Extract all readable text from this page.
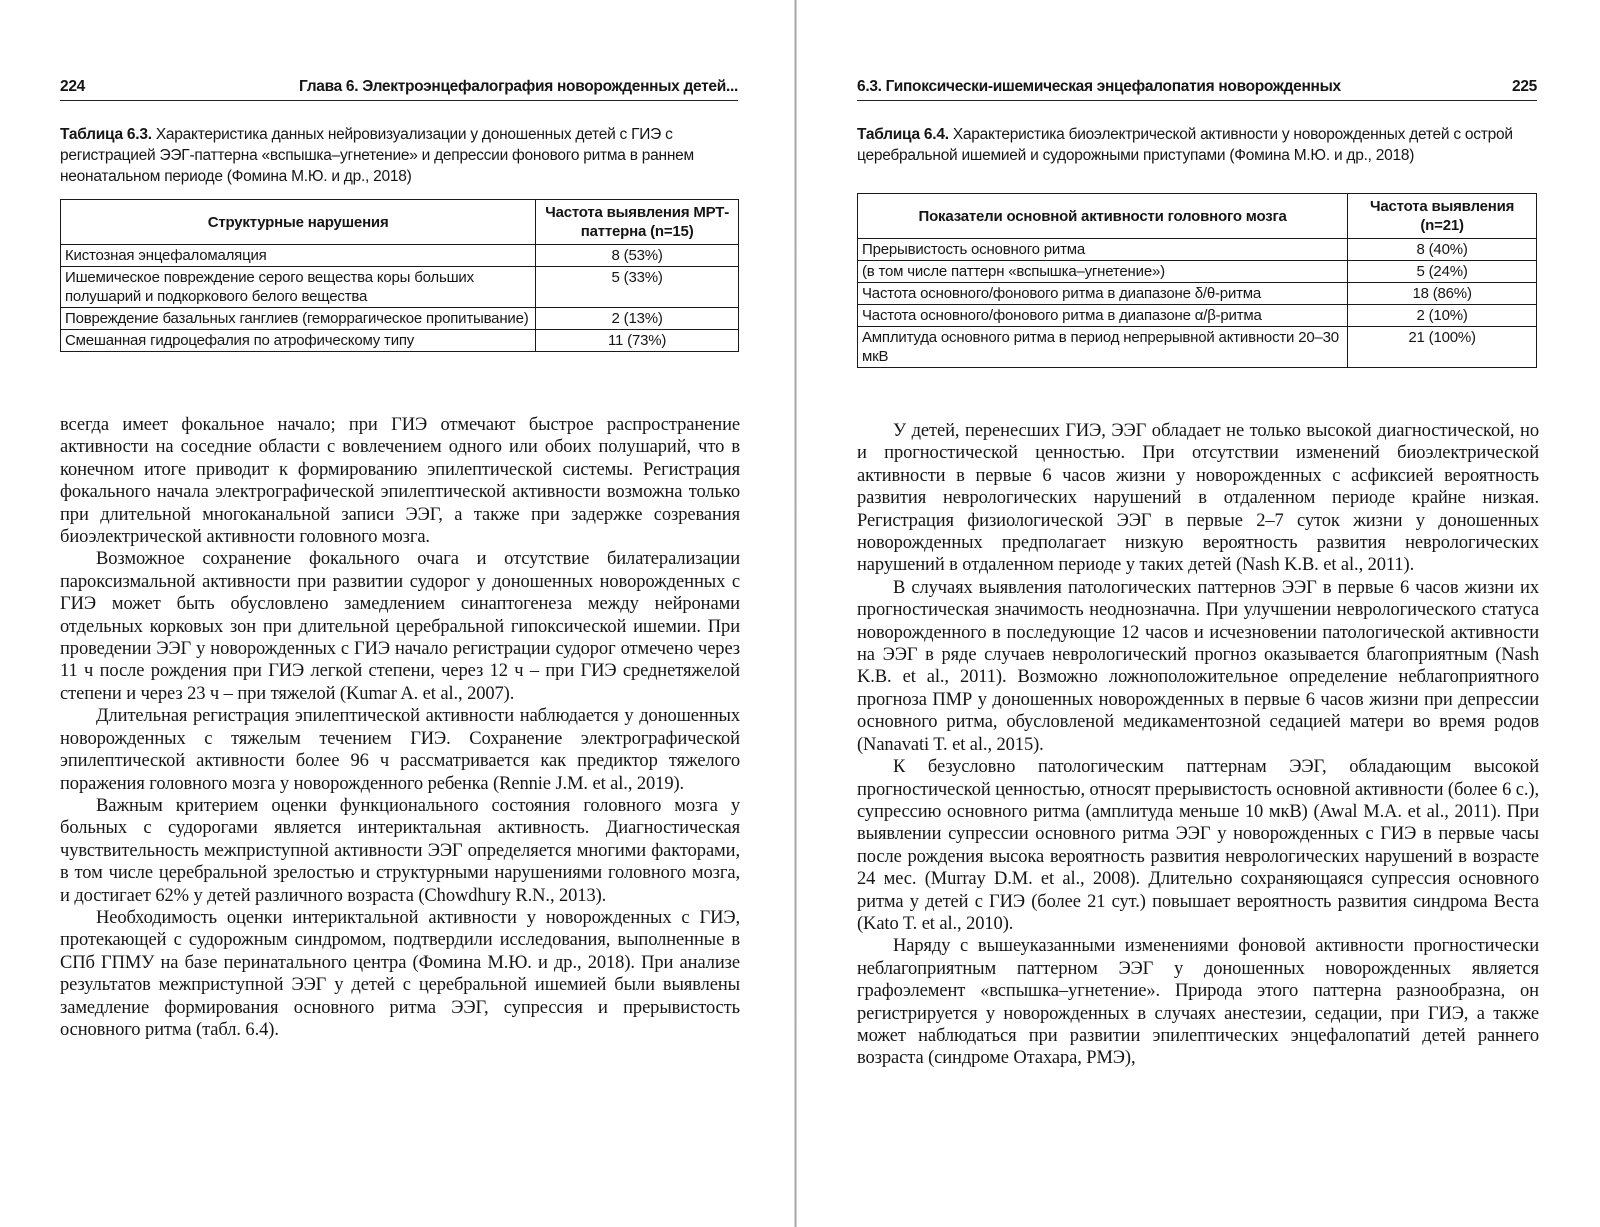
224	Глава 6. Электроэнцефалография новорожденных детей...
Таблица 6.3. Характеристика данных нейровизуализации у доношенных детей с ГИЭ с регистрацией ЭЭГ-паттерна «вспышка–угнетение» и депрессии фонового ритма в раннем неонатальном периоде (Фомина М.Ю. и др., 2018)
Структурные нарушения	Частота выявления МРТ-паттерна (n=15)
Кистозная энцефаломаляция	8 (53%)
Ишемическое повреждение серого вещества коры больших полушарий и подкоркового белого вещества	5 (33%)
Повреждение базальных ганглиев (геморрагическое пропитывание)	2 (13%)
Смешанная гидроцефалия по атрофическому типу	11 (73%)

всегда имеет фокальное начало; при ГИЭ отмечают быстрое распространение активности на соседние области с вовлечением одного или обоих полушарий, что в конечном итоге приводит к формированию эпилептической системы. Регистрация фокального начала электрографической эпилептической активности возможна только при длительной многоканальной записи ЭЭГ, а также при задержке созревания биоэлектрической активности головного мозга.

Возможное сохранение фокального очага и отсутствие билатерализации пароксизмальной активности при развитии судорог у доношенных новорожденных с ГИЭ может быть обусловлено замедлением синаптогенеза между нейронами отдельных корковых зон при длительной церебральной гипоксической ишемии. При проведении ЭЭГ у новорожденных с ГИЭ начало регистрации судорог отмечено через 11 ч после рождения при ГИЭ легкой степени, через 12 ч – при ГИЭ среднетяжелой степени и через 23 ч – при тяжелой (Kumar A. et al., 2007).

Длительная регистрация эпилептической активности наблюдается у доношенных новорожденных с тяжелым течением ГИЭ. Сохранение электрографической эпилептической активности более 96 ч рассматривается как предиктор тяжелого поражения головного мозга у новорожденного ребенка (Rennie J.M. et al., 2019).

Важным критерием оценки функционального состояния головного мозга у больных с судорогами является интериктальная активность. Диагностическая чувствительность межприступной активности ЭЭГ определяется многими факторами, в том числе церебральной зрелостью и структурными нарушениями головного мозга, и достигает 62% у детей различного возраста (Chowdhury R.N., 2013).

Необходимость оценки интериктальной активности у новорожденных с ГИЭ, протекающей с судорожным синдромом, подтвердили исследования, выполненные в СПб ГПМУ на базе перинатального центра (Фомина М.Ю. и др., 2018). При анализе результатов межприступной ЭЭГ у детей с церебральной ишемией были выявлены замедление формирования основного ритма ЭЭГ, супрессия и прерывистость основного ритма (табл. 6.4).

6.3. Гипоксически-ишемическая энцефалопатия новорожденных	225
Таблица 6.4. Характеристика биоэлектрической активности у новорожденных детей с острой церебральной ишемией и судорожными приступами (Фомина М.Ю. и др., 2018)
Показатели основной активности головного мозга	Частота выявления (n=21)
Прерывистость основного ритма	8 (40%)
(в том числе паттерн «вспышка–угнетение»)	5 (24%)
Частота основного/фонового ритма в диапазоне δ/θ-ритма	18 (86%)
Частота основного/фонового ритма в диапазоне α/β-ритма	2 (10%)
Амплитуда основного ритма в период непрерывной активности 20–30 мкВ	21 (100%)

У детей, перенесших ГИЭ, ЭЭГ обладает не только высокой диагностической, но и прогностической ценностью. При отсутствии изменений биоэлектрической активности в первые 6 часов жизни у новорожденных с асфиксией вероятность развития неврологических нарушений в отдаленном периоде крайне низкая. Регистрация физиологической ЭЭГ в первые 2–7 суток жизни у доношенных новорожденных предполагает низкую вероятность развития неврологических нарушений в отдаленном периоде у таких детей (Nash K.B. et al., 2011).

В случаях выявления патологических паттернов ЭЭГ в первые 6 часов жизни их прогностическая значимость неоднозначна. При улучшении неврологического статуса новорожденного в последующие 12 часов и исчезновении патологической активности на ЭЭГ в ряде случаев неврологический прогноз оказывается благоприятным (Nash K.B. et al., 2011). Возможно ложноположительное определение неблагоприятного прогноза ПМР у доношенных новорожденных в первые 6 часов жизни при депрессии основного ритма, обусловленой медикаментозной седацией матери во время родов (Nanavati T. et al., 2015).

К безусловно патологическим паттернам ЭЭГ, обладающим высокой прогностической ценностью, относят прерывистость основной активности (более 6 с.), супрессию основного ритма (амплитуда меньше 10 мкВ) (Awal M.A. et al., 2011). При выявлении супрессии основного ритма ЭЭГ у новорожденных с ГИЭ в первые часы после рождения высока вероятность развития неврологических нарушений в возрасте 24 мес. (Murray D.M. et al., 2008). Длительно сохраняющаяся супрессия основного ритма у детей с ГИЭ (более 21 сут.) повышает вероятность развития синдрома Веста (Kato T. et al., 2010).

Наряду с вышеуказанными изменениями фоновой активности прогностически неблагоприятным паттерном ЭЭГ у доношенных новорожденных является графоэлемент «вспышка–угнетение». Природа этого паттерна разнообразна, он регистрируется у новорожденных в случаях анестезии, седации, при ГИЭ, а также может наблюдаться при развитии эпилептических энцефалопатий детей раннего возраста (синдроме Отахара, РМЭ),
